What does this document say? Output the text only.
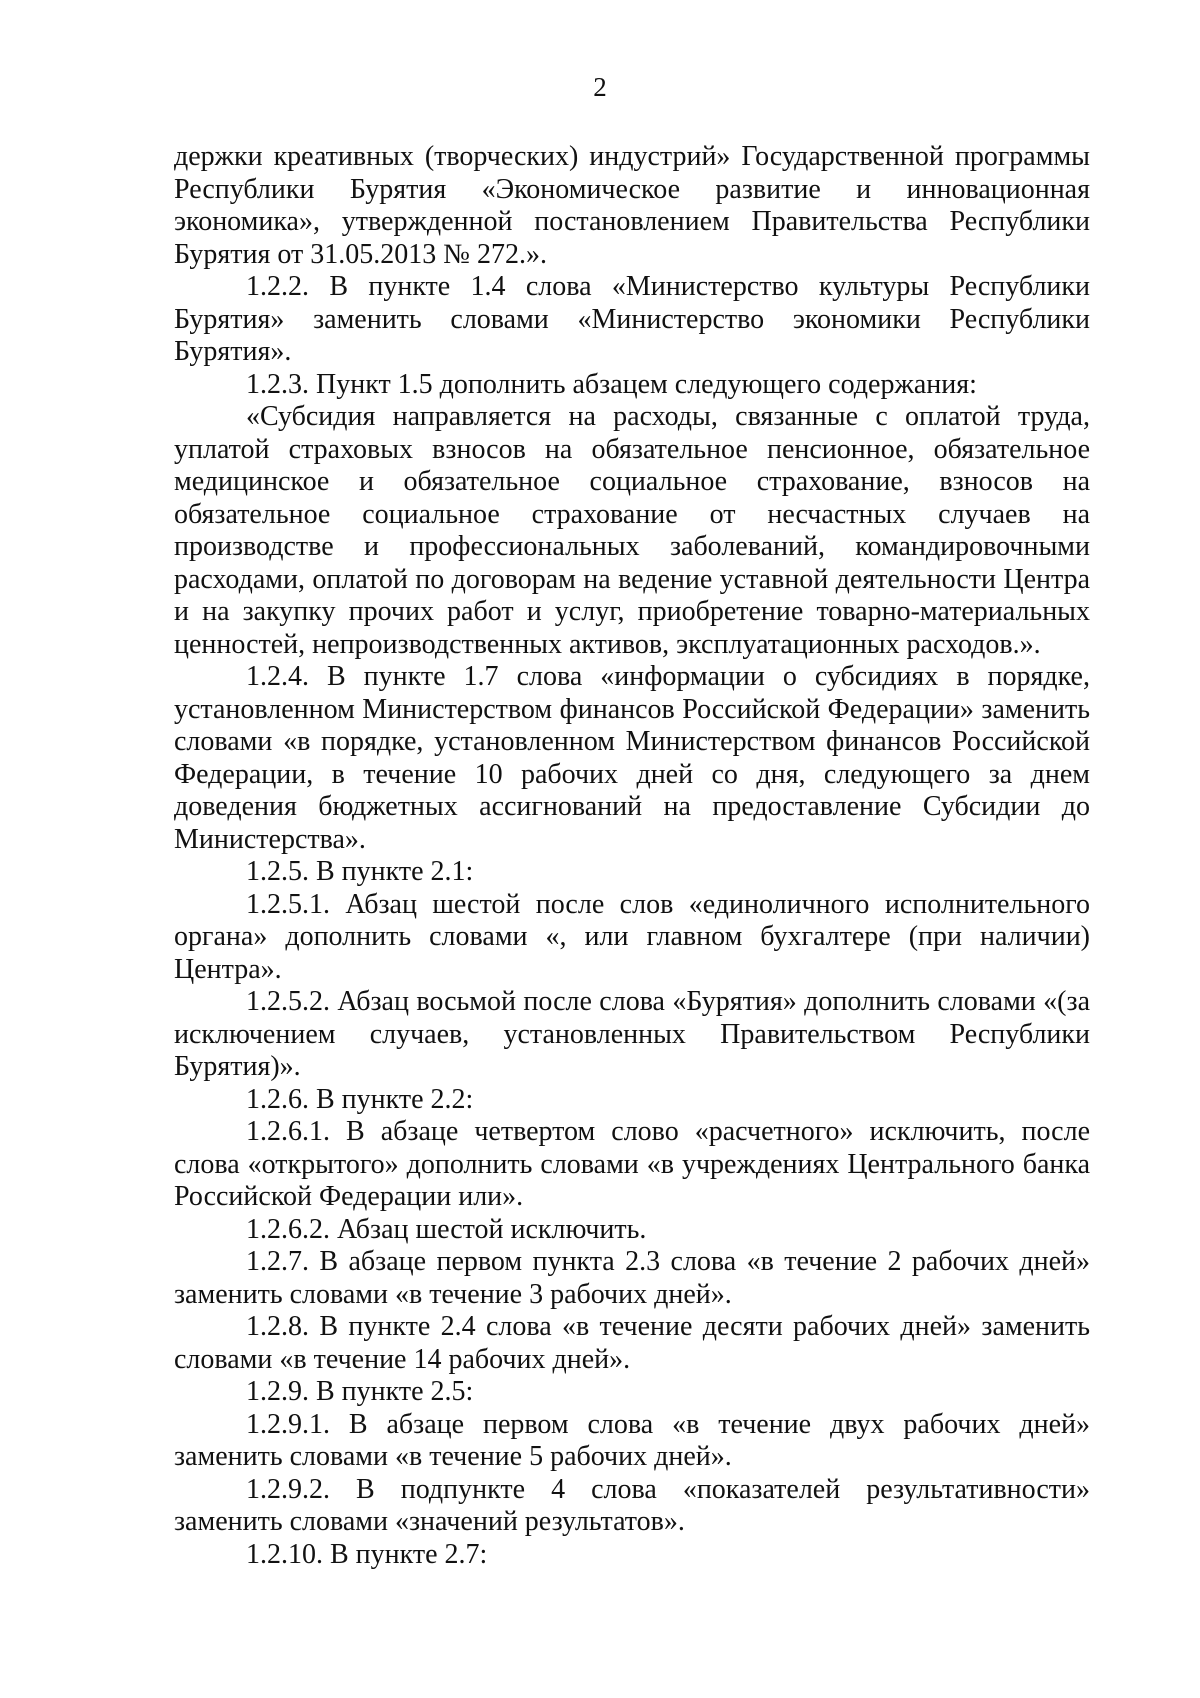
2

держки креативных (творческих) индустрий» Государственной программы Республики Бурятия «Экономическое развитие и инновационная экономика», утвержденной постановлением Правительства Республики Бурятия от 31.05.2013 № 272.».

1.2.2. В пункте 1.4 слова «Министерство культуры Республики Бурятия» заменить словами «Министерство экономики Республики Бурятия».

1.2.3. Пункт 1.5 дополнить абзацем следующего содержания:

«Субсидия направляется на расходы, связанные с оплатой труда, уплатой страховых взносов на обязательное пенсионное, обязательное медицинское и обязательное социальное страхование, взносов на обязательное социальное страхование от несчастных случаев на производстве и профессиональных заболеваний, командировочными расходами, оплатой по договорам на ведение уставной деятельности Центра и на закупку прочих работ и услуг, приобретение товарно-материальных ценностей, непроизводственных активов, эксплуатационных расходов.».

1.2.4. В пункте 1.7 слова «информации о субсидиях в порядке, установленном Министерством финансов Российской Федерации» заменить словами «в порядке, установленном Министерством финансов Российской Федерации, в течение 10 рабочих дней со дня, следующего за днем доведения бюджетных ассигнований на предоставление Субсидии до Министерства».

1.2.5. В пункте 2.1:

1.2.5.1. Абзац шестой после слов «единоличного исполнительного органа» дополнить словами «, или главном бухгалтере (при наличии) Центра».

1.2.5.2. Абзац восьмой после слова «Бурятия» дополнить словами «(за исключением случаев, установленных Правительством Республики Бурятия)».

1.2.6. В пункте 2.2:

1.2.6.1. В абзаце четвертом слово «расчетного» исключить, после слова «открытого» дополнить словами «в учреждениях Центрального банка Российской Федерации или».

1.2.6.2. Абзац шестой исключить.

1.2.7. В абзаце первом пункта 2.3 слова «в течение 2 рабочих дней» заменить словами «в течение 3 рабочих дней».

1.2.8. В пункте 2.4 слова «в течение десяти рабочих дней» заменить словами «в течение 14 рабочих дней».

1.2.9. В пункте 2.5:

1.2.9.1. В абзаце первом слова «в течение двух рабочих дней» заменить словами «в течение 5 рабочих дней».

1.2.9.2. В подпункте 4 слова «показателей результативности» заменить словами «значений результатов».

1.2.10. В пункте 2.7:
